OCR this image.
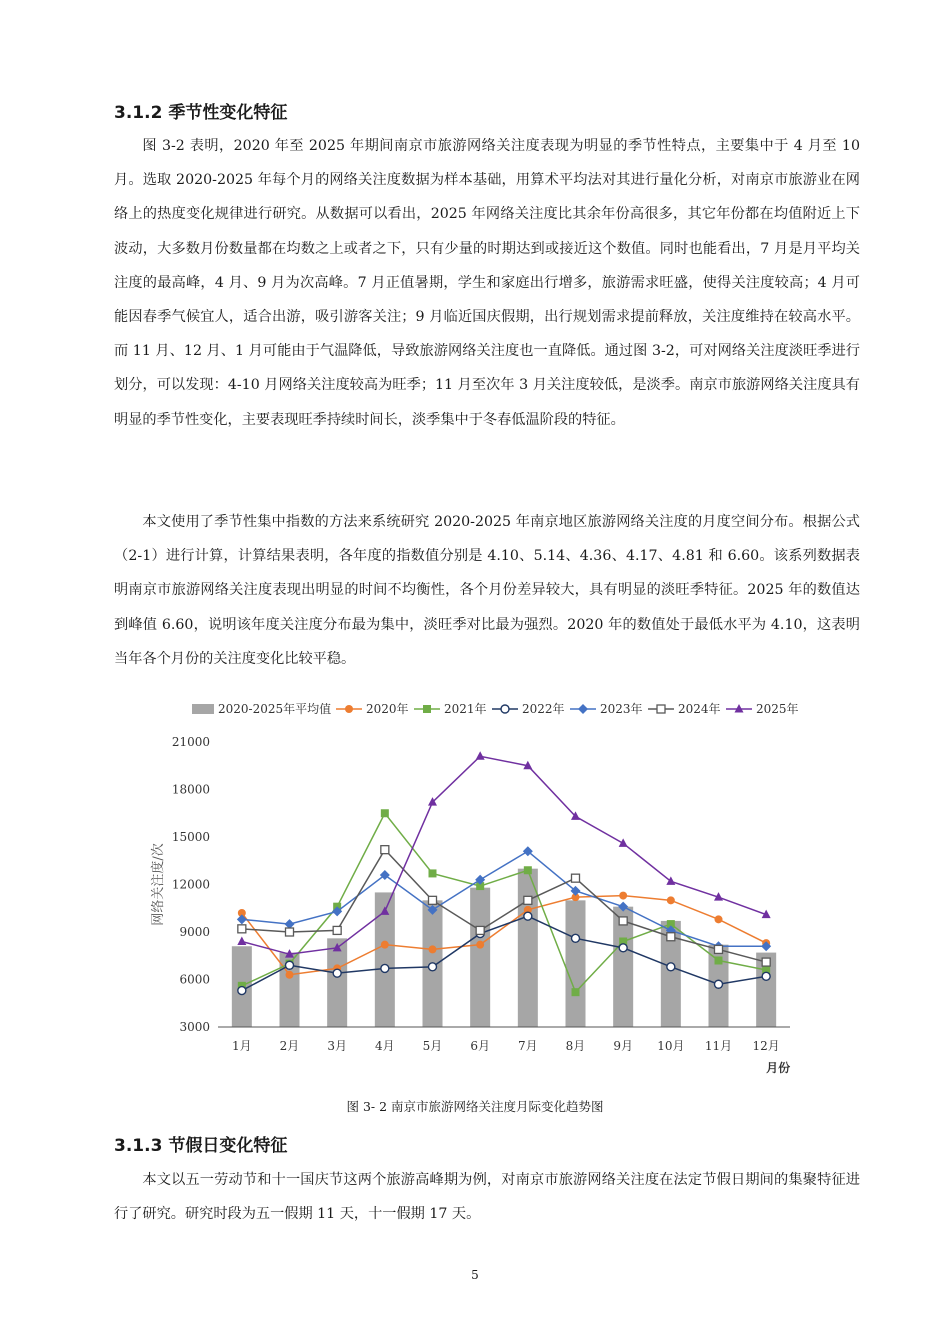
3.1.2 季节性变化特征

图 3-2 表明，2020 年至 2025 年期间南京市旅游网络关注度表现为明显的季节性特点，主要集中于 4 月至 10 月。选取 2020-2025 年每个月的网络关注度数据为样本基础，用算术平均法对其进行量化分析，对南京市旅游业在网络上的热度变化规律进行研究。从数据可以看出，2025 年网络关注度比其余年份高很多，其它年份都在均值附近上下波动，大多数月份数量都在均数之上或者之下，只有少量的时期达到或接近这个数值。同时也能看出，7 月是月平均关注度的最高峰，4 月、9 月为次高峰。7 月正值暑期，学生和家庭出行增多，旅游需求旺盛，使得关注度较高；4 月可能因春季气候宜人，适合出游，吸引游客关注；9 月临近国庆假期，出行规划需求提前释放，关注度维持在较高水平。而 11 月、12 月、1 月可能由于气温降低，导致旅游网络关注度也一直降低。通过图 3-2，可对网络关注度淡旺季进行划分，可以发现：4-10 月网络关注度较高为旺季；11 月至次年 3 月关注度较低，是淡季。南京市旅游网络关注度具有明显的季节性变化，主要表现旺季持续时间长，淡季集中于冬春低温阶段的特征。

本文使用了季节性集中指数的方法来系统研究 2020-2025 年南京地区旅游网络关注度的月度空间分布。根据公式（2-1）进行计算，计算结果表明，各年度的指数值分别是 4.10、5.14、4.36、4.17、4.81 和 6.60。该系列数据表明南京市旅游网络关注度表现出明显的时间不均衡性，各个月份差异较大，具有明显的淡旺季特征。2025 年的数值达到峰值 6.60，说明该年度关注度分布最为集中，淡旺季对比最为强烈。2020 年的数值处于最低水平为 4.10，这表明当年各个月份的关注度变化比较平稳。

2020-2025年平均值	2020年	2021年	2022年	2023年	2024年	2025年
3000
6000
9000
12000
15000
18000
21000
网络关注度/次
1月 2月 3月 4月 5月 6月 7月 8月 9月 10月 11月 12月
月份

图 3- 2 南京市旅游网络关注度月际变化趋势图

3.1.3 节假日变化特征

本文以五一劳动节和十一国庆节这两个旅游高峰期为例，对南京市旅游网络关注度在法定节假日期间的集聚特征进行了研究。研究时段为五一假期 11 天，十一假期 17 天。

5
